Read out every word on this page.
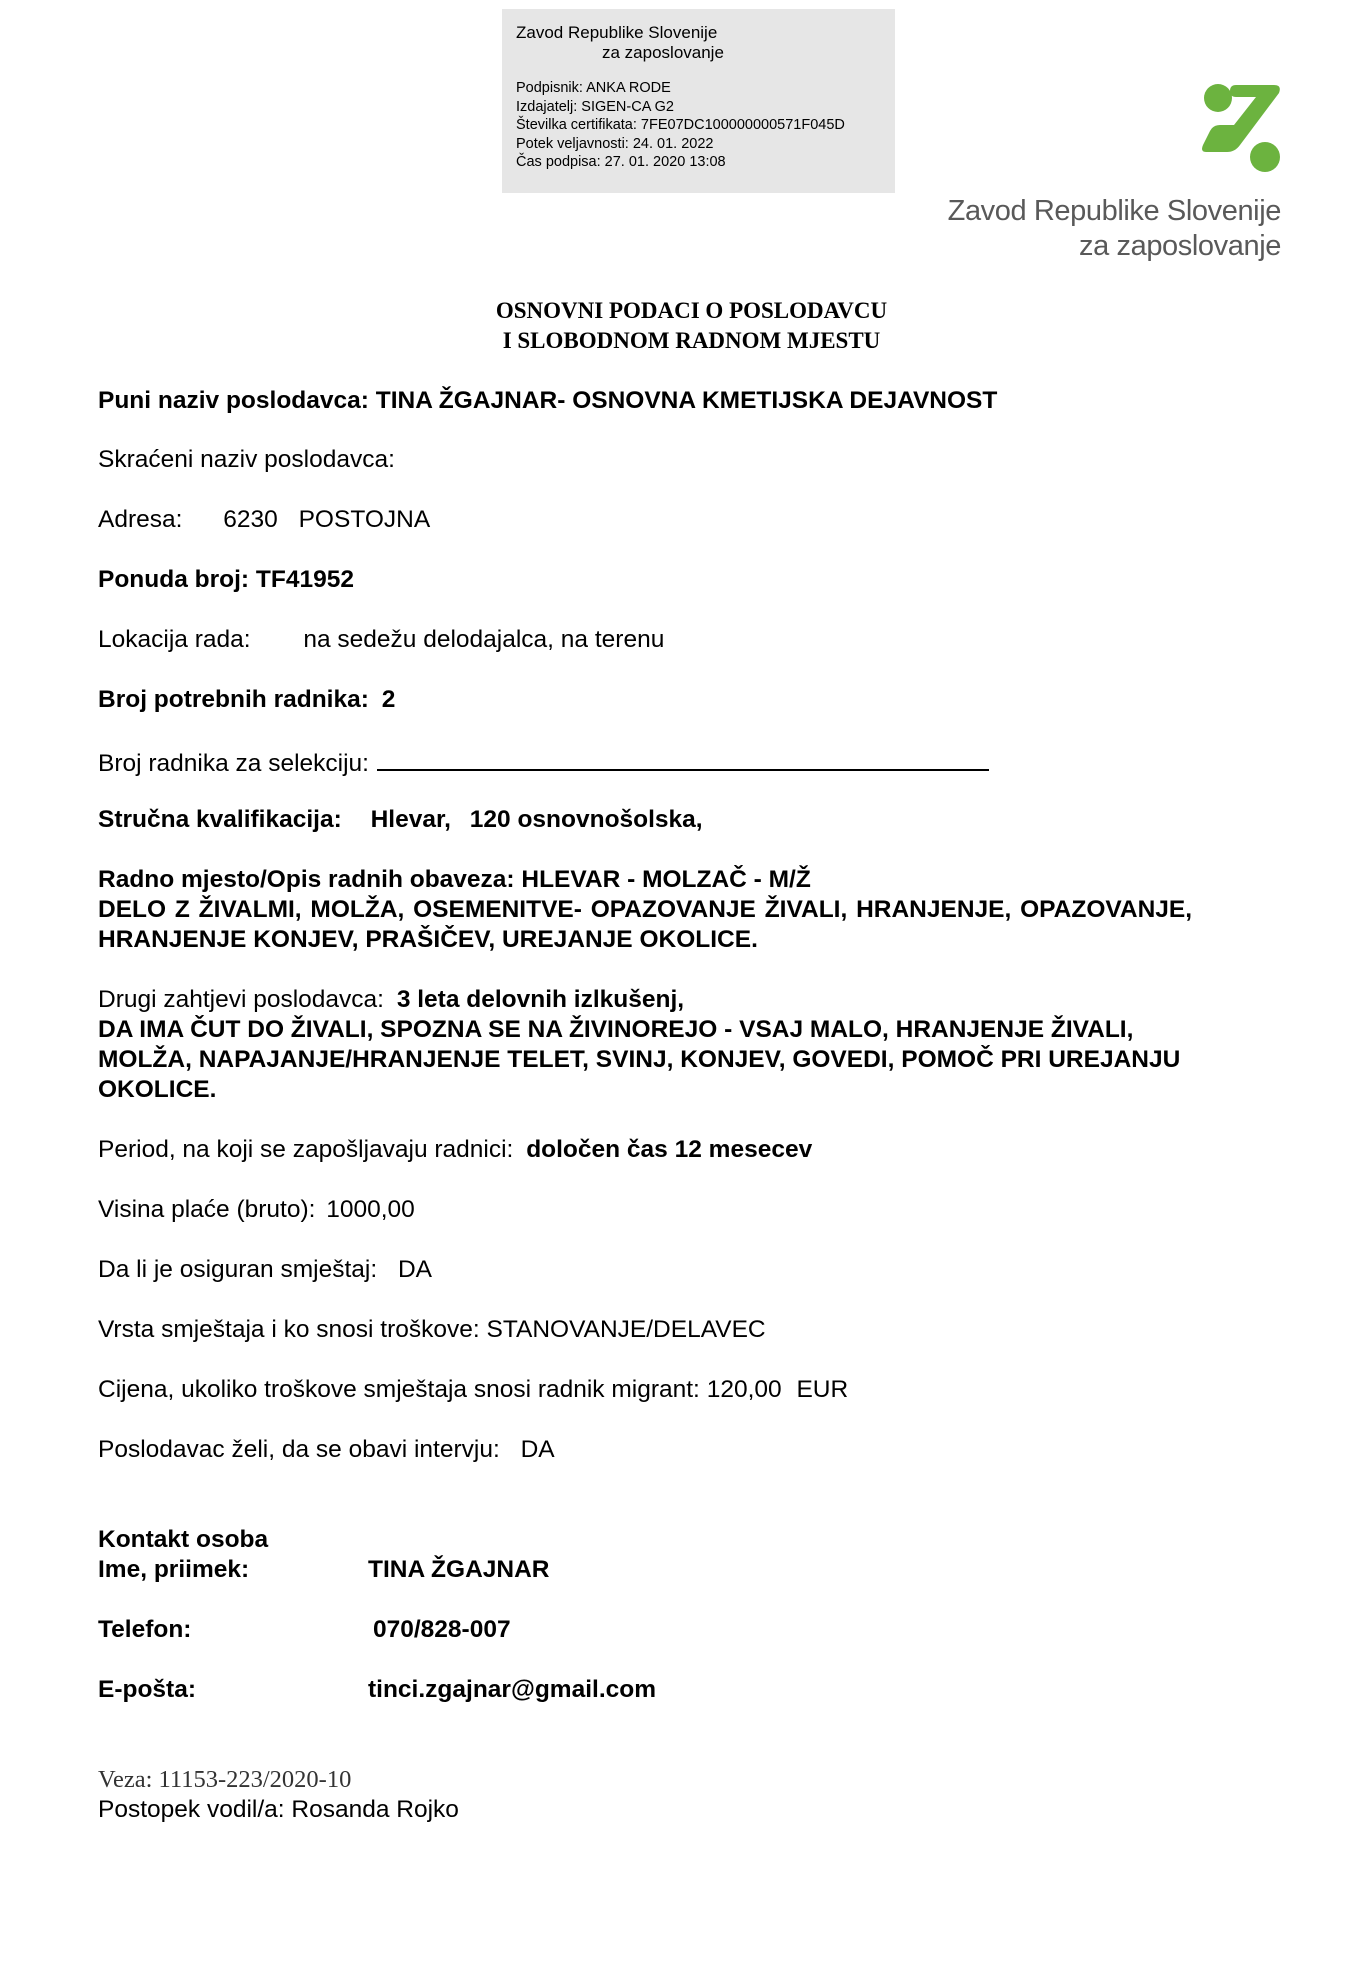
Zavod Republike Slovenije
za zaposlovanje
Podpisnik: ANKA RODE
Izdajatelj: SIGEN-CA G2
Številka certifikata: 7FE07DC100000000571F045D
Potek veljavnosti: 24. 01. 2022
Čas podpisa: 27. 01. 2020 13:08
Zavod Republike Slovenije
za zaposlovanje
OSNOVNI PODACI O POSLODAVCU
I SLOBODNOM RADNOM MJESTU
Puni naziv poslodavca: TINA ŽGAJNAR- OSNOVNA KMETIJSKA DEJAVNOST
Skraćeni naziv poslodavca:
Adresa: 6230 POSTOJNA
Ponuda broj: TF41952
Lokacija rada: na sedežu delodajalca, na terenu
Broj potrebnih radnika: 2
Broj radnika za selekciju:
Stručna kvalifikacija: Hlevar, 120 osnovnošolska,
Radno mjesto/Opis radnih obaveza: HLEVAR - MOLZAČ - M/Ž
DELO Z ŽIVALMI, MOLŽA, OSEMENITVE- OPAZOVANJE ŽIVALI, HRANJENJE, OPAZOVANJE,
HRANJENJE KONJEV, PRAŠIČEV, UREJANJE OKOLICE.
Drugi zahtjevi poslodavca: 3 leta delovnih izlkušenj,
DA IMA ČUT DO ŽIVALI, SPOZNA SE NA ŽIVINOREJO - VSAJ MALO, HRANJENJE ŽIVALI,
MOLŽA, NAPAJANJE/HRANJENJE TELET, SVINJ, KONJEV, GOVEDI, POMOČ PRI UREJANJU
OKOLICE.
Period, na koji se zapošljavaju radnici: določen čas 12 mesecev
Visina plaće (bruto): 1000,00
Da li je osiguran smještaj: DA
Vrsta smještaja i ko snosi troškove: STANOVANJE/DELAVEC
Cijena, ukoliko troškove smještaja snosi radnik migrant: 120,00 EUR
Poslodavac želi, da se obavi intervju: DA
Kontakt osoba
Ime, priimek:	TINA ŽGAJNAR
Telefon:	070/828-007
E-pošta:	tinci.zgajnar@gmail.com
Veza: 11153-223/2020-10
Postopek vodil/a: Rosanda Rojko
